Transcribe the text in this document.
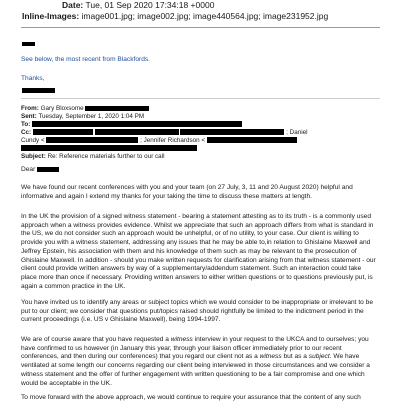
Date: Tue, 01 Sep 2020 17:34:18 +0000
Inline-Images: image001.jpg; image002.jpg; image440564.jpg; image231952.jpg
See below, the most recent from Blackfords.
Thanks,
From: Gary Bloxsome
Sent: Tuesday, September 1, 2020 1:04 PM
To:
Cc:	; Daniel
Cundy <	; Jennifer Richardson <
Subject: Re: Reference materials further to our call
Dear

We have found our recent conferences with you and your team (on 27 July, 3, 11 and 20 August 2020) helpful and informative and again I extend my thanks for your taking the time to discuss these matters at length.

In the UK the provision of a signed witness statement - bearing a statement attesting as to its truth - is a commonly used approach when a witness provides evidence. Whilst we appreciate that such an approach differs from what is standard in the US, we do not consider such an approach would be unhelpful, or of no utility, to your case. Our client is willing to provide you with a witness statement, addressing any issues that he may be able to,in relation to Ghislaine Maxwell and Jeffrey Epstein, his association with them and his knowledge of them such as may be relevant to the prosecution of Ghislaine Maxwell. In addition - should you make written requests for clarification arising from that witness statement - our client could provide written answers by way of a supplementary/addendum statement. Such an interaction could take place more than once if necessary. Providing written answers to either written questions or to questions previously put, is again a common practice in the UK.

You have invited us to identify any areas or subject topics which we would consider to be inappropriate or irrelevant to be put to our client; we consider that questions put/topics raised should rightfully be limited to the indictment period in the current proceedings (i.e. US v Ghislaine Maxwell), being 1994-1997.

We are of course aware that you have requested a witness interview in your request to the UKCA and to ourselves; you have confirmed to us however (in January this year, through your liaison officer immediately prior to our recent conferences, and then during our conferences) that you regard our client not as a witness but as a subject. We have ventilated at some length our concerns regarding our client being interviewed in those circumstances and we consider a witness statement and the offer of further engagement with written questioning to be a fair compromise and one which would be acceptable in the UK.

To move forward with the above approach, we would continue to require your assurance that the content of any such
